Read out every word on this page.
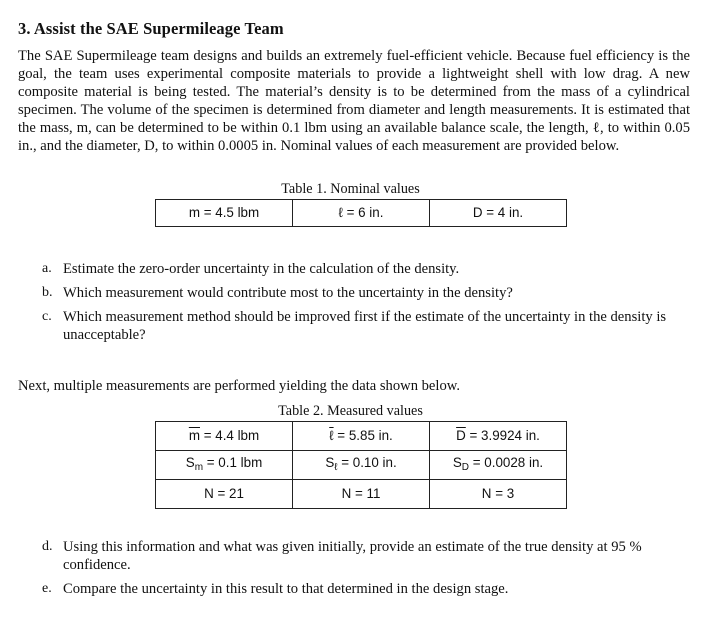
3. Assist the SAE Supermileage Team

The SAE Supermileage team designs and builds an extremely fuel-efficient vehicle. Because fuel efficiency is the goal, the team uses experimental composite materials to provide a lightweight shell with low drag. A new composite material is being tested. The material’s density is to be determined from the mass of a cylindrical specimen. The volume of the specimen is determined from diameter and length measurements. It is estimated that the mass, m, can be determined to be within 0.1 lbm using an available balance scale, the length, ℓ, to within 0.05 in., and the diameter, D, to within 0.0005 in. Nominal values of each measurement are provided below.

Table 1. Nominal values
m = 4.5 lbm	ℓ = 6 in.	D = 4 in.
a. Estimate the zero-order uncertainty in the calculation of the density.
b. Which measurement would contribute most to the uncertainty in the density?
c. Which measurement method should be improved first if the estimate of the uncertainty in the density is unacceptable?
Next, multiple measurements are performed yielding the data shown below.
Table 2. Measured values
$\overline{m} = 4.4$ lbm	ℓ = 5.85 in.	$\overline{D} = 3.9924$ in.
$S_m = 0.1$ lbm	$S_\ell = 0.10$ in.	$S_D = 0.0028$ in.
N = 21	N = 11	N = 3
d. Using this information and what was given initially, provide an estimate of the true density at 95 % confidence.
e. Compare the uncertainty in this result to that determined in the design stage.
